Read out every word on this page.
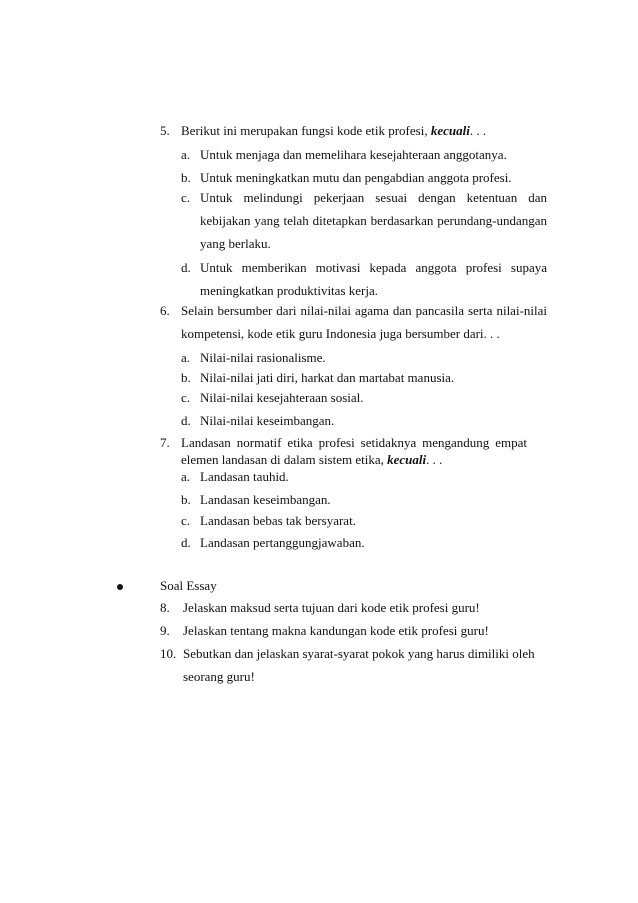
5. Berikut ini merupakan fungsi kode etik profesi, kecuali. . .
a. Untuk menjaga dan memelihara kesejahteraan anggotanya.
b. Untuk meningkatkan mutu dan pengabdian anggota profesi.
c. Untuk melindungi pekerjaan sesuai dengan ketentuan dan
kebijakan yang telah ditetapkan berdasarkan perundang-undangan
yang berlaku.
d. Untuk memberikan motivasi kepada anggota profesi supaya
meningkatkan produktivitas kerja.
6. Selain bersumber dari nilai-nilai agama dan pancasila serta nilai-nilai
kompetensi, kode etik guru Indonesia juga bersumber dari. . .
a. Nilai-nilai rasionalisme.
b. Nilai-nilai jati diri, harkat dan martabat manusia.
c. Nilai-nilai kesejahteraan sosial.
d. Nilai-nilai keseimbangan.
7. Landasan normatif etika profesi setidaknya mengandung empat
elemen landasan di dalam sistem etika, kecuali. . .
a. Landasan tauhid.
b. Landasan keseimbangan.
c. Landasan bebas tak bersyarat.
d. Landasan pertanggungjawaban.
Soal Essay
8. Jelaskan maksud serta tujuan dari kode etik profesi guru!
9. Jelaskan tentang makna kandungan kode etik profesi guru!
10. Sebutkan dan jelaskan syarat-syarat pokok yang harus dimiliki oleh
seorang guru!
